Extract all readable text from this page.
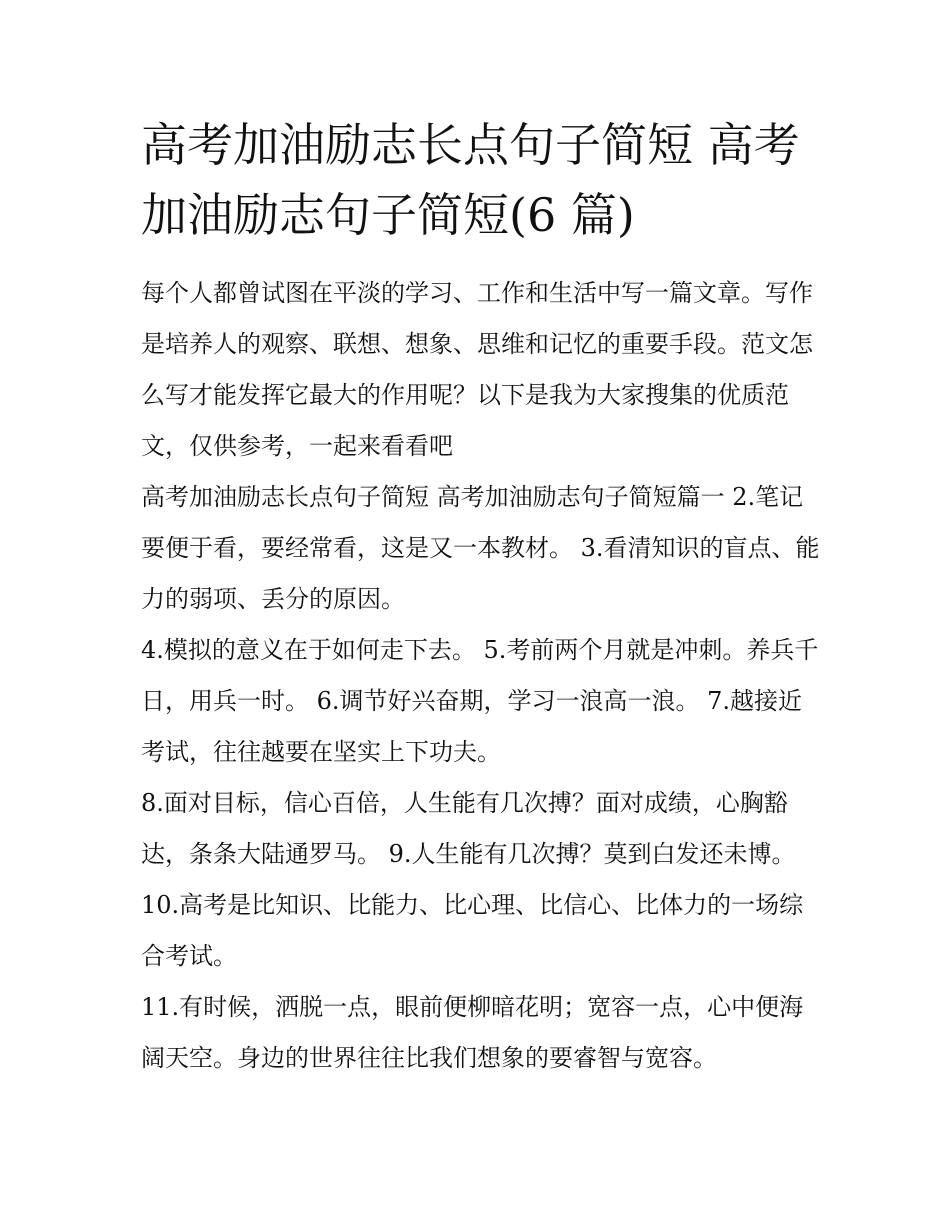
高考加油励志长点句子简短 高考加油励志句子简短(6 篇)

每个人都曾试图在平淡的学习、工作和生活中写一篇文章。写作是培养人的观察、联想、想象、思维和记忆的重要手段。范文怎么写才能发挥它最大的作用呢？以下是我为大家搜集的优质范文，仅供参考，一起来看看吧

高考加油励志长点句子简短 高考加油励志句子简短篇一 2.笔记要便于看，要经常看，这是又一本教材。 3.看清知识的盲点、能力的弱项、丢分的原因。

4.模拟的意义在于如何走下去。 5.考前两个月就是冲刺。养兵千日，用兵一时。 6.调节好兴奋期，学习一浪高一浪。 7.越接近考试，往往越要在坚实上下功夫。

8.面对目标，信心百倍，人生能有几次搏？面对成绩，心胸豁达，条条大陆通罗马。 9.人生能有几次搏？莫到白发还未博。

10.高考是比知识、比能力、比心理、比信心、比体力的一场综合考试。

11.有时候，洒脱一点，眼前便柳暗花明；宽容一点，心中便海阔天空。身边的世界往往比我们想象的要睿智与宽容。
